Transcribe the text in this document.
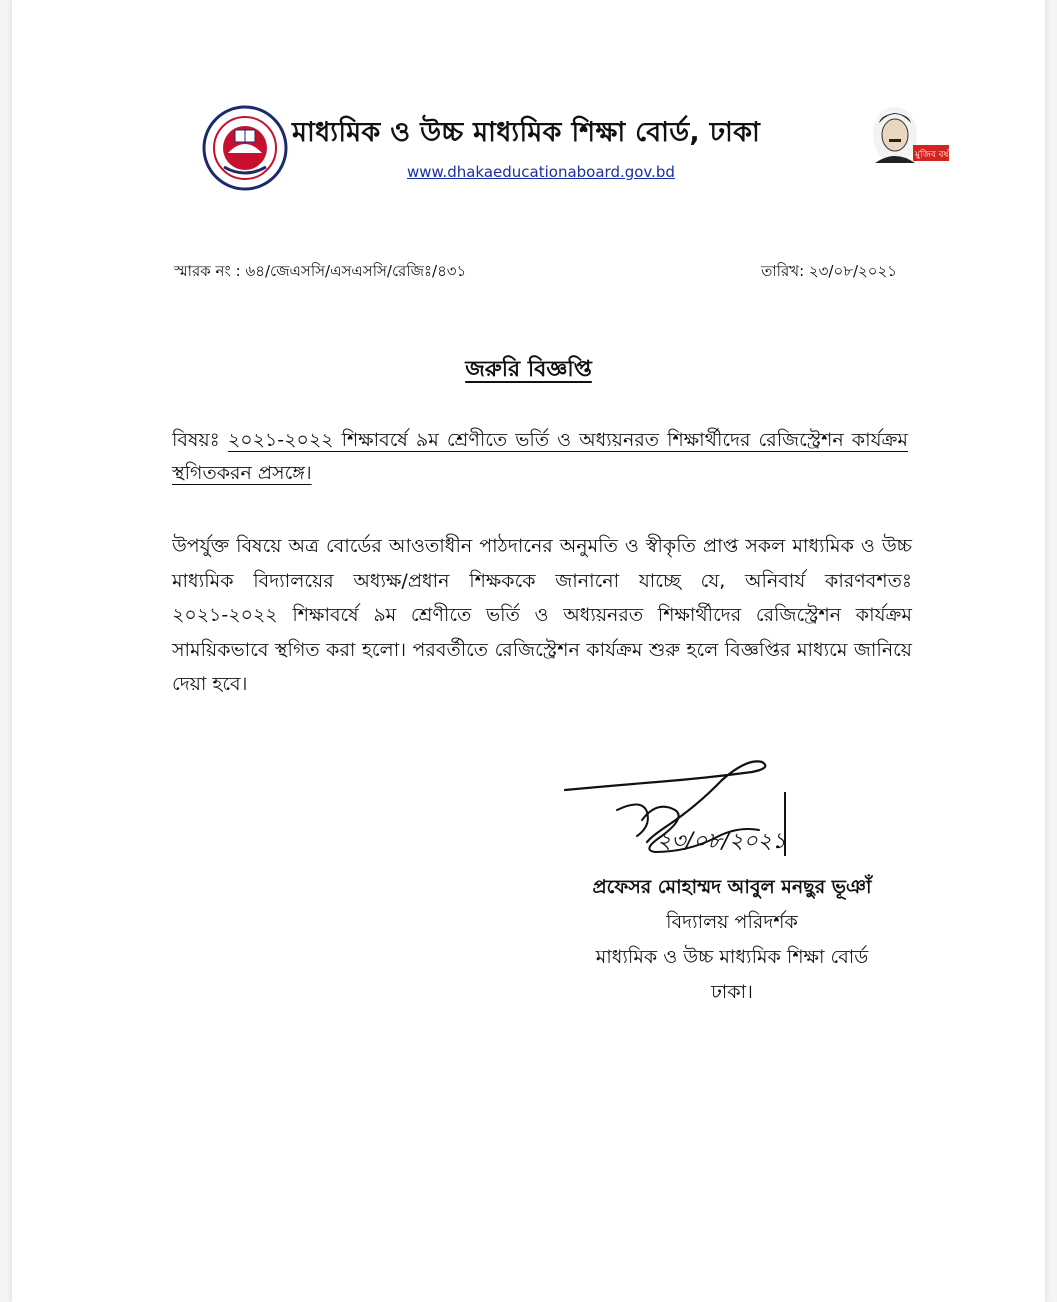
মাধ্যমিক ও উচ্চ মাধ্যমিক শিক্ষা বোর্ড, ঢাকা
www.dhakaeducationaboard.gov.bd
মুজিব বর্ষ
স্মারক নং : ৬৪/জেএসসি/এসএসসি/রেজিঃ/৪৩১	তারিখ: ২৩/০৮/২০২১
জরুরি বিজ্ঞপ্তি
বিষয়ঃ ২০২১-২০২২ শিক্ষাবর্ষে ৯ম শ্রেণীতে ভর্তি ও অধ্যয়নরত শিক্ষার্থীদের রেজিস্ট্রেশন কার্যক্রম স্থগিতকরন প্রসঙ্গে।
উপর্যুক্ত বিষয়ে অত্র বোর্ডের আওতাধীন পাঠদানের অনুমতি ও স্বীকৃতি প্রাপ্ত সকল মাধ্যমিক ও উচ্চ মাধ্যমিক বিদ্যালয়ের অধ্যক্ষ/প্রধান শিক্ষককে জানানো যাচ্ছে যে, অনিবার্য কারণবশতঃ ২০২১-২০২২ শিক্ষাবর্ষে ৯ম শ্রেণীতে ভর্তি ও অধ্যয়নরত শিক্ষার্থীদের রেজিস্ট্রেশন কার্যক্রম সাময়িকভাবে স্থগিত করা হলো। পরবর্তীতে রেজিস্ট্রেশন কার্যক্রম শুরু হলে বিজ্ঞপ্তির মাধ্যমে জানিয়ে দেয়া হবে।
২৩/০৮/২০২১
প্রফেসর মোহাম্মদ আবুল মনছুর ভূঞাঁ
বিদ্যালয় পরিদর্শক
মাধ্যমিক ও উচ্চ মাধ্যমিক শিক্ষা বোর্ড
ঢাকা।
